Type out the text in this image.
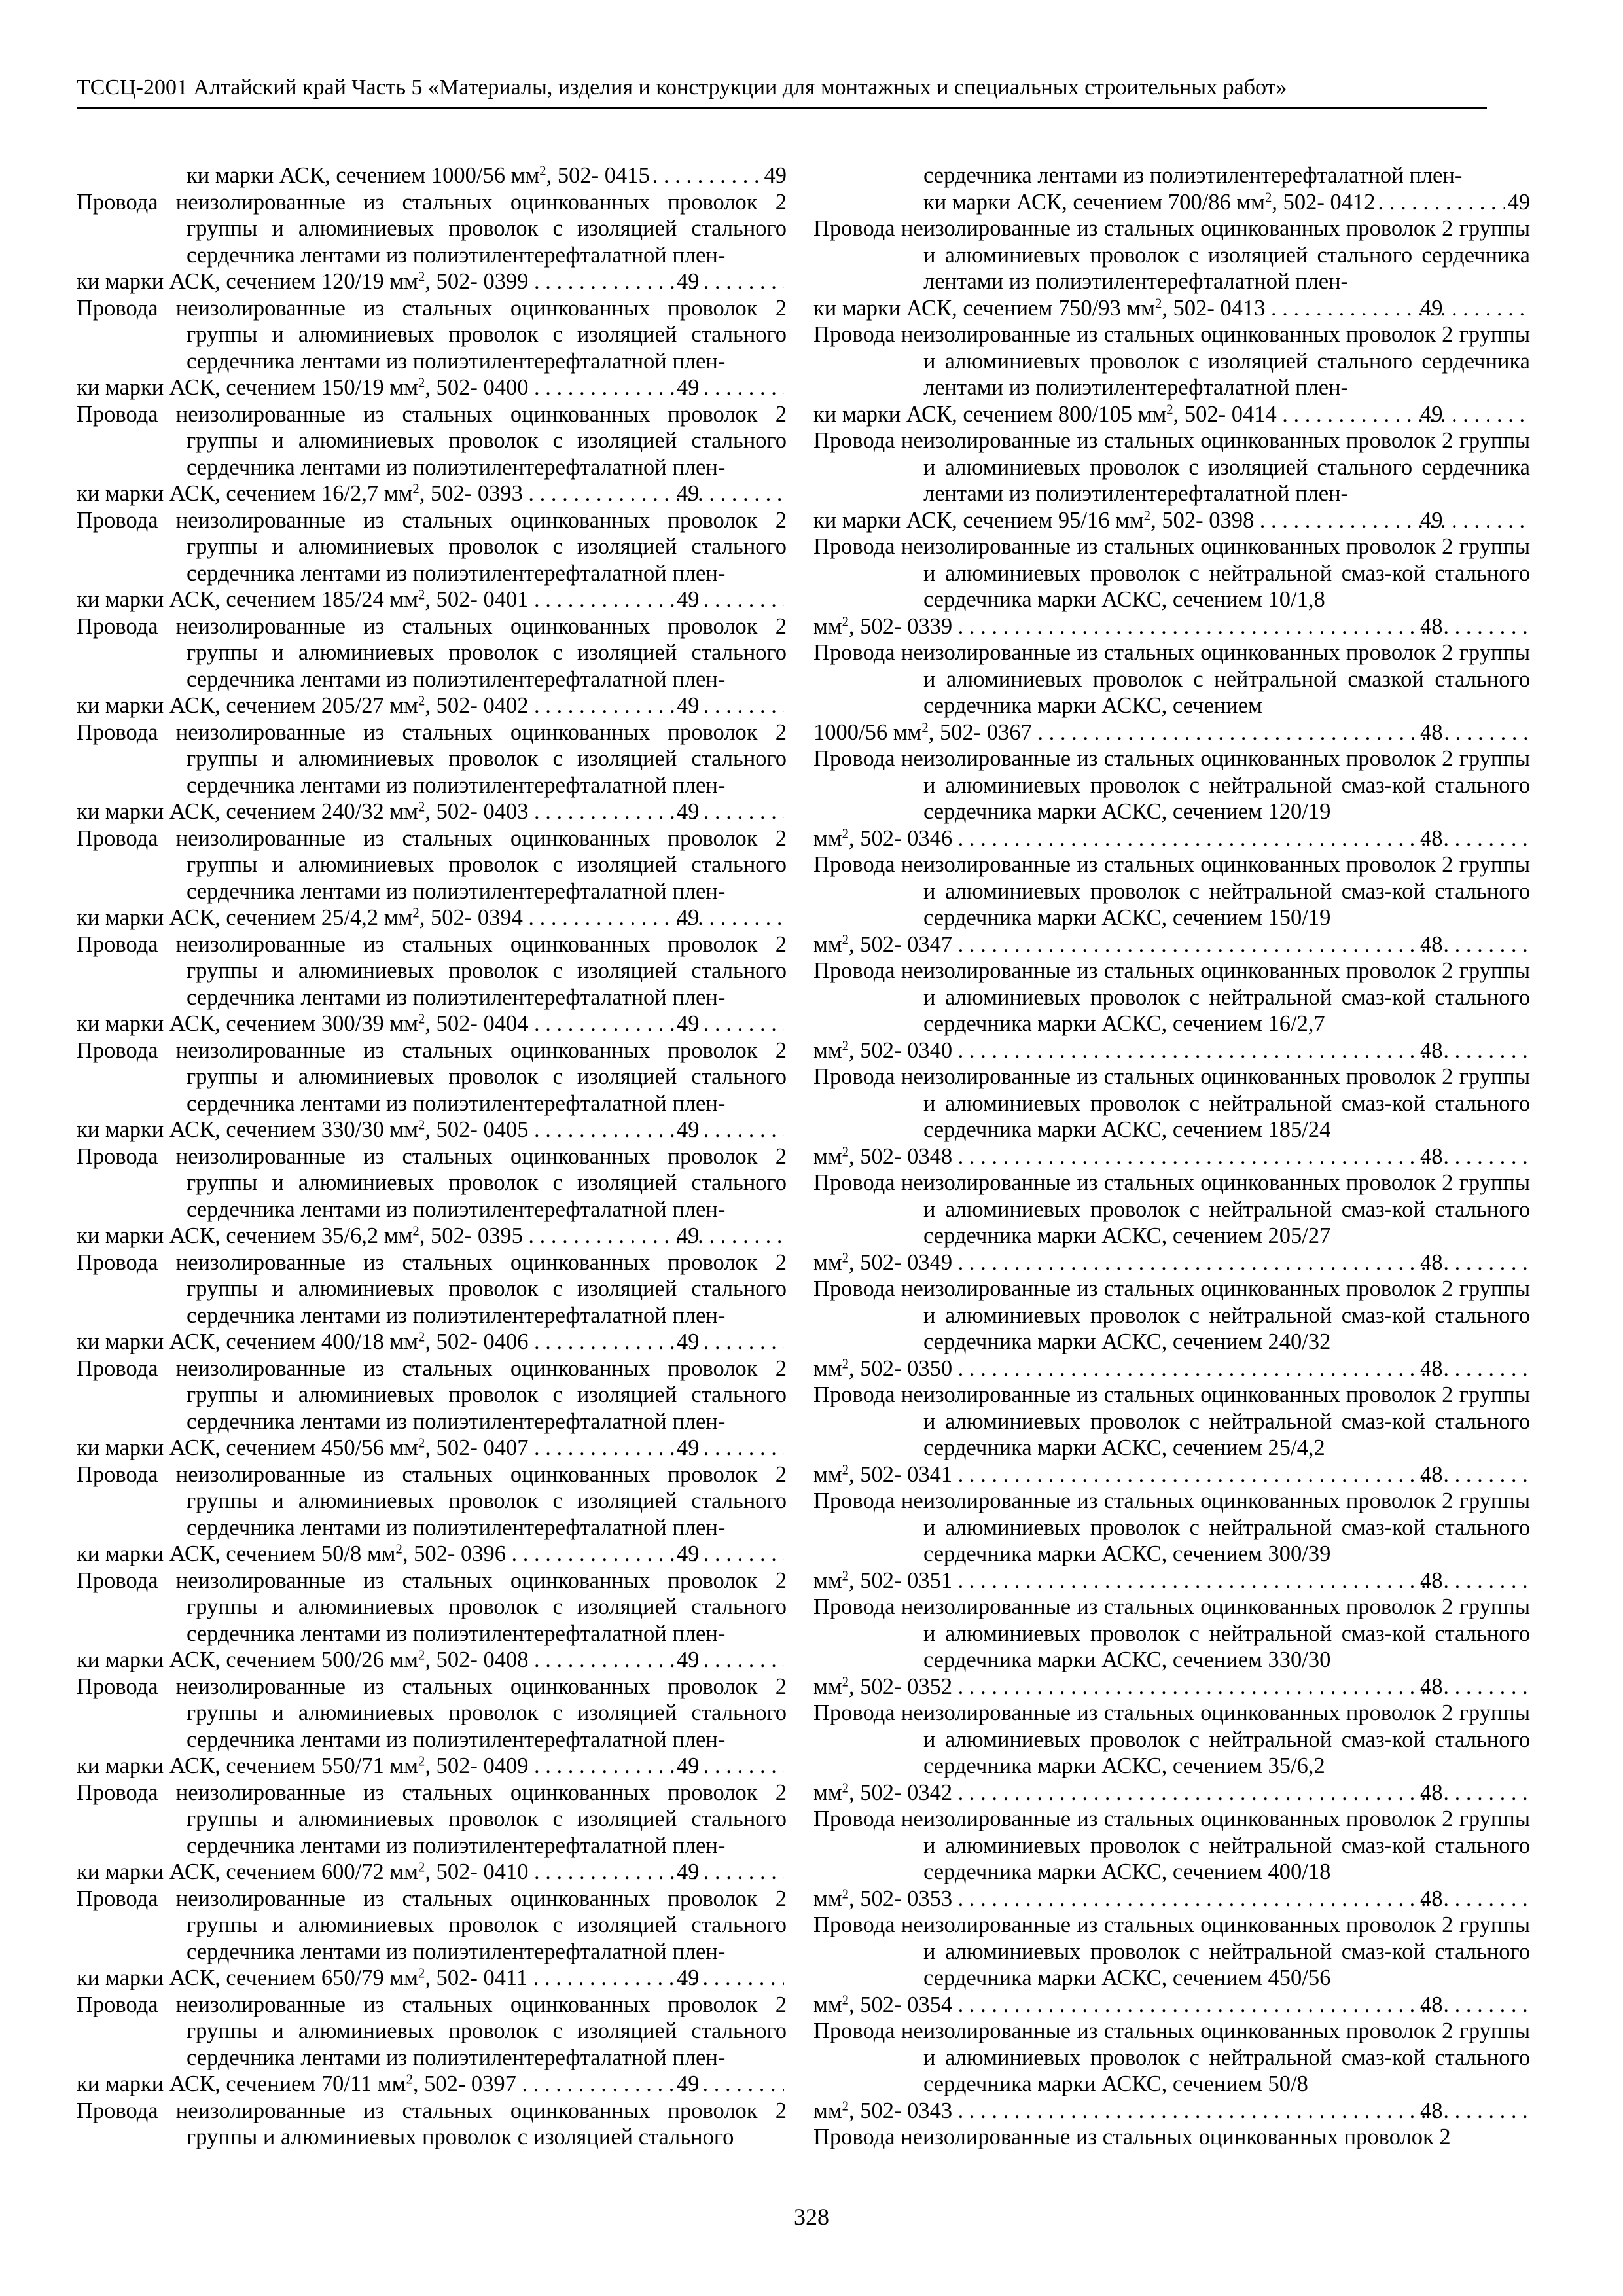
ТССЦ-2001 Алтайский край Часть 5 «Материалы, изделия и конструкции для монтажных и специальных строительных работ»
ки марки АСК, сечением 1000/56 $мм^2$, 502- 0415 . . .	49
Провода неизолированные из стальных оцинкованных проволок 2 группы и алюминиевых проволок с изоляцией стального сердечника лентами из полиэтилентерефталатной плен-
ки марки АСК, сечением 120/19 $мм^2$, 502- 0399 . . .	49
Провода неизолированные из стальных оцинкованных проволок 2 группы и алюминиевых проволок с изоляцией стального сердечника лентами из полиэтилентерефталатной плен-
ки марки АСК, сечением 150/19 $мм^2$, 502- 0400 . . .	49
Провода неизолированные из стальных оцинкованных проволок 2 группы и алюминиевых проволок с изоляцией стального сердечника лентами из полиэтилентерефталатной плен-
ки марки АСК, сечением 16/2,7 $мм^2$, 502- 0393 . . .	49
Провода неизолированные из стальных оцинкованных проволок 2 группы и алюминиевых проволок с изоляцией стального сердечника лентами из полиэтилентерефталатной плен-
ки марки АСК, сечением 185/24 $мм^2$, 502- 0401 . . .	49
Провода неизолированные из стальных оцинкованных проволок 2 группы и алюминиевых проволок с изоляцией стального сердечника лентами из полиэтилентерефталатной плен-
ки марки АСК, сечением 205/27 $мм^2$, 502- 0402 . . .	49
Провода неизолированные из стальных оцинкованных проволок 2 группы и алюминиевых проволок с изоляцией стального сердечника лентами из полиэтилентерефталатной плен-
ки марки АСК, сечением 240/32 $мм^2$, 502- 0403 . . .	49
Провода неизолированные из стальных оцинкованных проволок 2 группы и алюминиевых проволок с изоляцией стального сердечника лентами из полиэтилентерефталатной плен-
ки марки АСК, сечением 25/4,2 $мм^2$, 502- 0394 . . .	49
Провода неизолированные из стальных оцинкованных проволок 2 группы и алюминиевых проволок с изоляцией стального сердечника лентами из полиэтилентерефталатной плен-
ки марки АСК, сечением 300/39 $мм^2$, 502- 0404 . . .	49
Провода неизолированные из стальных оцинкованных проволок 2 группы и алюминиевых проволок с изоляцией стального сердечника лентами из полиэтилентерефталатной плен-
ки марки АСК, сечением 330/30 $мм^2$, 502- 0405 . . .	49
Провода неизолированные из стальных оцинкованных проволок 2 группы и алюминиевых проволок с изоляцией стального сердечника лентами из полиэтилентерефталатной плен-
ки марки АСК, сечением 35/6,2 $мм^2$, 502- 0395 . . .	49
Провода неизолированные из стальных оцинкованных проволок 2 группы и алюминиевых проволок с изоляцией стального сердечника лентами из полиэтилентерефталатной плен-
ки марки АСК, сечением 400/18 $мм^2$, 502- 0406 . . .	49
Провода неизолированные из стальных оцинкованных проволок 2 группы и алюминиевых проволок с изоляцией стального сердечника лентами из полиэтилентерефталатной плен-
ки марки АСК, сечением 450/56 $мм^2$, 502- 0407 . . .	49
Провода неизолированные из стальных оцинкованных проволок 2 группы и алюминиевых проволок с изоляцией стального сердечника лентами из полиэтилентерефталатной плен-
ки марки АСК, сечением 50/8 $мм^2$, 502- 0396 . . .	49
Провода неизолированные из стальных оцинкованных проволок 2 группы и алюминиевых проволок с изоляцией стального сердечника лентами из полиэтилентерефталатной плен-
ки марки АСК, сечением 500/26 $мм^2$, 502- 0408 . . .	49
Провода неизолированные из стальных оцинкованных проволок 2 группы и алюминиевых проволок с изоляцией стального сердечника лентами из полиэтилентерефталатной плен-
ки марки АСК, сечением 550/71 $мм^2$, 502- 0409 . . .	49
Провода неизолированные из стальных оцинкованных проволок 2 группы и алюминиевых проволок с изоляцией стального сердечника лентами из полиэтилентерефталатной плен-
ки марки АСК, сечением 600/72 $мм^2$, 502- 0410 . . .	49
Провода неизолированные из стальных оцинкованных проволок 2 группы и алюминиевых проволок с изоляцией стального сердечника лентами из полиэтилентерефталатной плен-
ки марки АСК, сечением 650/79 $мм^2$, 502- 0411 . . .	49
Провода неизолированные из стальных оцинкованных проволок 2 группы и алюминиевых проволок с изоляцией стального сердечника лентами из полиэтилентерефталатной плен-
ки марки АСК, сечением 70/11 $мм^2$, 502- 0397 . . .	49
Провода неизолированные из стальных оцинкованных проволок 2 группы и алюминиевых проволок с изоляцией стального
сердечника лентами из полиэтилентерефталатной плен-
ки марки АСК, сечением 700/86 $мм^2$, 502- 0412 . . .	49
Провода неизолированные из стальных оцинкованных проволок 2 группы и алюминиевых проволок с изоляцией стального сердечника лентами из полиэтилентерефталатной плен-
ки марки АСК, сечением 750/93 $мм^2$, 502- 0413 . . .	49
Провода неизолированные из стальных оцинкованных проволок 2 группы и алюминиевых проволок с изоляцией стального сердечника лентами из полиэтилентерефталатной плен-
ки марки АСК, сечением 800/105 $мм^2$, 502- 0414 . . .	49
Провода неизолированные из стальных оцинкованных проволок 2 группы и алюминиевых проволок с изоляцией стального сердечника лентами из полиэтилентерефталатной плен-
ки марки АСК, сечением 95/16 $мм^2$, 502- 0398 . . .	49
Провода неизолированные из стальных оцинкованных проволок 2 группы и алюминиевых проволок с нейтральной смаз-кой стального сердечника марки АСКС, сечением 10/1,8
$мм^2$, 502- 0339 . . .	48
Провода неизолированные из стальных оцинкованных проволок 2 группы и алюминиевых проволок с нейтральной смазкой стального сердечника марки АСКС, сечением
1000/56 $мм^2$, 502- 0367 . . .	48
Провода неизолированные из стальных оцинкованных проволок 2 группы и алюминиевых проволок с нейтральной смаз-кой стального сердечника марки АСКС, сечением 120/19
$мм^2$, 502- 0346 . . .	48
Провода неизолированные из стальных оцинкованных проволок 2 группы и алюминиевых проволок с нейтральной смаз-кой стального сердечника марки АСКС, сечением 150/19
$мм^2$, 502- 0347 . . .	48
Провода неизолированные из стальных оцинкованных проволок 2 группы и алюминиевых проволок с нейтральной смаз-кой стального сердечника марки АСКС, сечением 16/2,7
$мм^2$, 502- 0340 . . .	48
Провода неизолированные из стальных оцинкованных проволок 2 группы и алюминиевых проволок с нейтральной смаз-кой стального сердечника марки АСКС, сечением 185/24
$мм^2$, 502- 0348 . . .	48
Провода неизолированные из стальных оцинкованных проволок 2 группы и алюминиевых проволок с нейтральной смаз-кой стального сердечника марки АСКС, сечением 205/27
$мм^2$, 502- 0349 . . .	48
Провода неизолированные из стальных оцинкованных проволок 2 группы и алюминиевых проволок с нейтральной смаз-кой стального сердечника марки АСКС, сечением 240/32
$мм^2$, 502- 0350 . . .	48
Провода неизолированные из стальных оцинкованных проволок 2 группы и алюминиевых проволок с нейтральной смаз-кой стального сердечника марки АСКС, сечением 25/4,2
$мм^2$, 502- 0341 . . .	48
Провода неизолированные из стальных оцинкованных проволок 2 группы и алюминиевых проволок с нейтральной смаз-кой стального сердечника марки АСКС, сечением 300/39
$мм^2$, 502- 0351 . . .	48
Провода неизолированные из стальных оцинкованных проволок 2 группы и алюминиевых проволок с нейтральной смаз-кой стального сердечника марки АСКС, сечением 330/30
$мм^2$, 502- 0352 . . .	48
Провода неизолированные из стальных оцинкованных проволок 2 группы и алюминиевых проволок с нейтральной смаз-кой стального сердечника марки АСКС, сечением 35/6,2
$мм^2$, 502- 0342 . . .	48
Провода неизолированные из стальных оцинкованных проволок 2 группы и алюминиевых проволок с нейтральной смаз-кой стального сердечника марки АСКС, сечением 400/18
$мм^2$, 502- 0353 . . .	48
Провода неизолированные из стальных оцинкованных проволок 2 группы и алюминиевых проволок с нейтральной смаз-кой стального сердечника марки АСКС, сечением 450/56
$мм^2$, 502- 0354 . . .	48
Провода неизолированные из стальных оцинкованных проволок 2 группы и алюминиевых проволок с нейтральной смаз-кой стального сердечника марки АСКС, сечением 50/8
$мм^2$, 502- 0343 . . .	48
Провода неизолированные из стальных оцинкованных проволок 2
328
